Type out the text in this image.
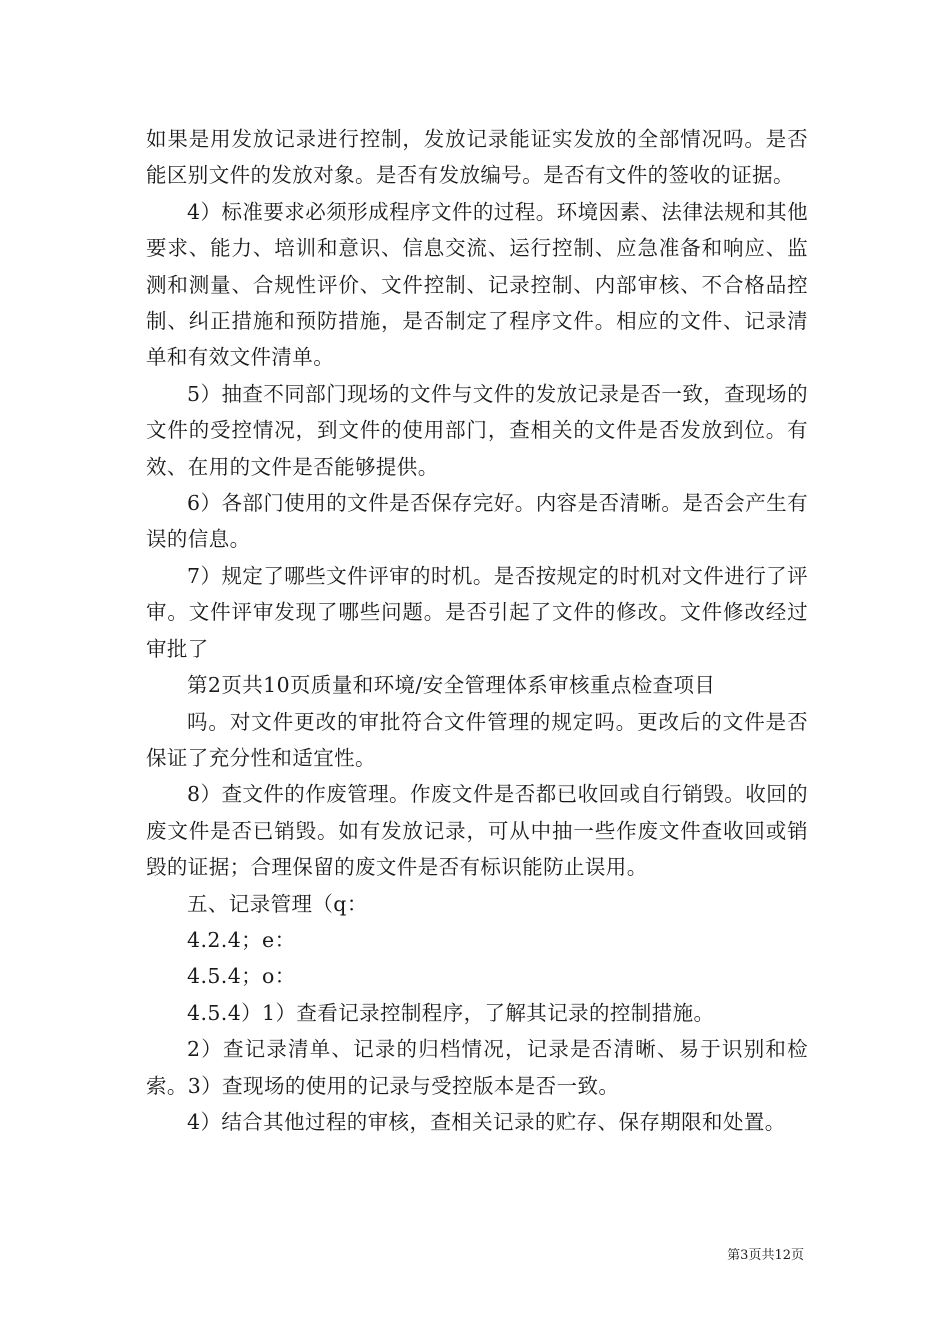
如果是用发放记录进行控制，发放记录能证实发放的全部情况吗。是否能区别文件的发放对象。是否有发放编号。是否有文件的签收的证据。

4）标准要求必须形成程序文件的过程。环境因素、法律法规和其他要求、能力、培训和意识、信息交流、运行控制、应急准备和响应、监测和测量、合规性评价、文件控制、记录控制、内部审核、不合格品控制、纠正措施和预防措施，是否制定了程序文件。相应的文件、记录清单和有效文件清单。

5）抽查不同部门现场的文件与文件的发放记录是否一致，查现场的文件的受控情况，到文件的使用部门，查相关的文件是否发放到位。有效、在用的文件是否能够提供。

6）各部门使用的文件是否保存完好。内容是否清晰。是否会产生有误的信息。

7）规定了哪些文件评审的时机。是否按规定的时机对文件进行了评审。文件评审发现了哪些问题。是否引起了文件的修改。文件修改经过审批了

第2页共10页质量和环境/安全管理体系审核重点检查项目

吗。对文件更改的审批符合文件管理的规定吗。更改后的文件是否保证了充分性和适宜性。

8）查文件的作废管理。作废文件是否都已收回或自行销毁。收回的废文件是否已销毁。如有发放记录，可从中抽一些作废文件查收回或销毁的证据；合理保留的废文件是否有标识能防止误用。

五、记录管理（q：

4.2.4；e：

4.5.4；o：

4.5.4）1）查看记录控制程序，了解其记录的控制措施。

2）查记录清单、记录的归档情况，记录是否清晰、易于识别和检索。3）查现场的使用的记录与受控版本是否一致。

4）结合其他过程的审核，查相关记录的贮存、保存期限和处置。

第3页共12页
